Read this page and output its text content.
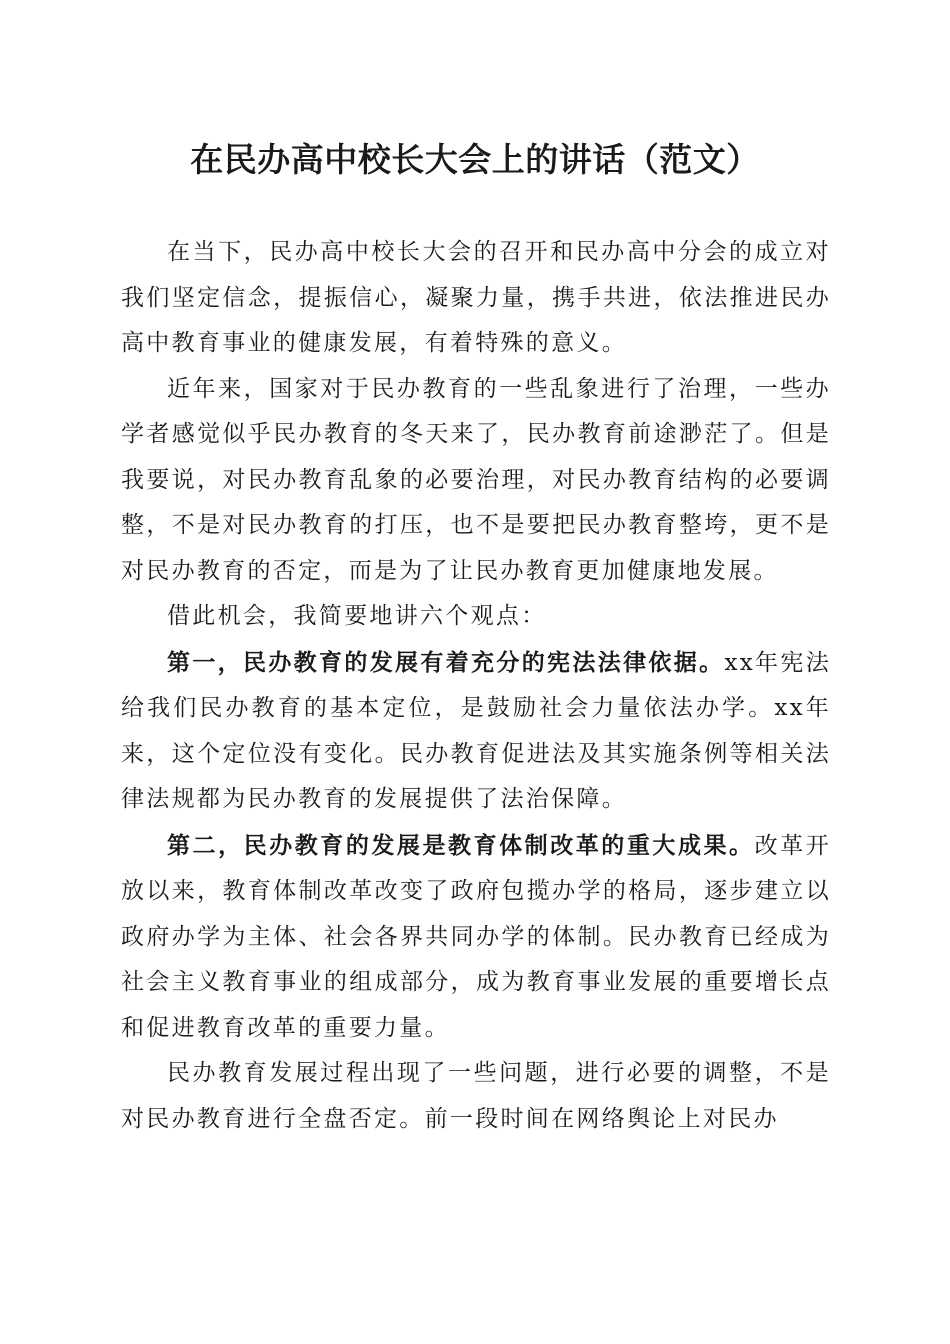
在民办高中校长大会上的讲话（范文）

在当下，民办高中校长大会的召开和民办高中分会的成立对我们坚定信念，提振信心，凝聚力量，携手共进，依法推进民办高中教育事业的健康发展，有着特殊的意义。

近年来，国家对于民办教育的一些乱象进行了治理，一些办学者感觉似乎民办教育的冬天来了，民办教育前途渺茫了。但是我要说，对民办教育乱象的必要治理，对民办教育结构的必要调整，不是对民办教育的打压，也不是要把民办教育整垮，更不是对民办教育的否定，而是为了让民办教育更加健康地发展。

借此机会，我简要地讲六个观点：

第一，民办教育的发展有着充分的宪法法律依据。xx年宪法给我们民办教育的基本定位，是鼓励社会力量依法办学。xx年来，这个定位没有变化。民办教育促进法及其实施条例等相关法律法规都为民办教育的发展提供了法治保障。

第二，民办教育的发展是教育体制改革的重大成果。改革开放以来，教育体制改革改变了政府包揽办学的格局，逐步建立以政府办学为主体、社会各界共同办学的体制。民办教育已经成为社会主义教育事业的组成部分，成为教育事业发展的重要增长点和促进教育改革的重要力量。

民办教育发展过程出现了一些问题，进行必要的调整，不是对民办教育进行全盘否定。前一段时间在网络舆论上对民办
